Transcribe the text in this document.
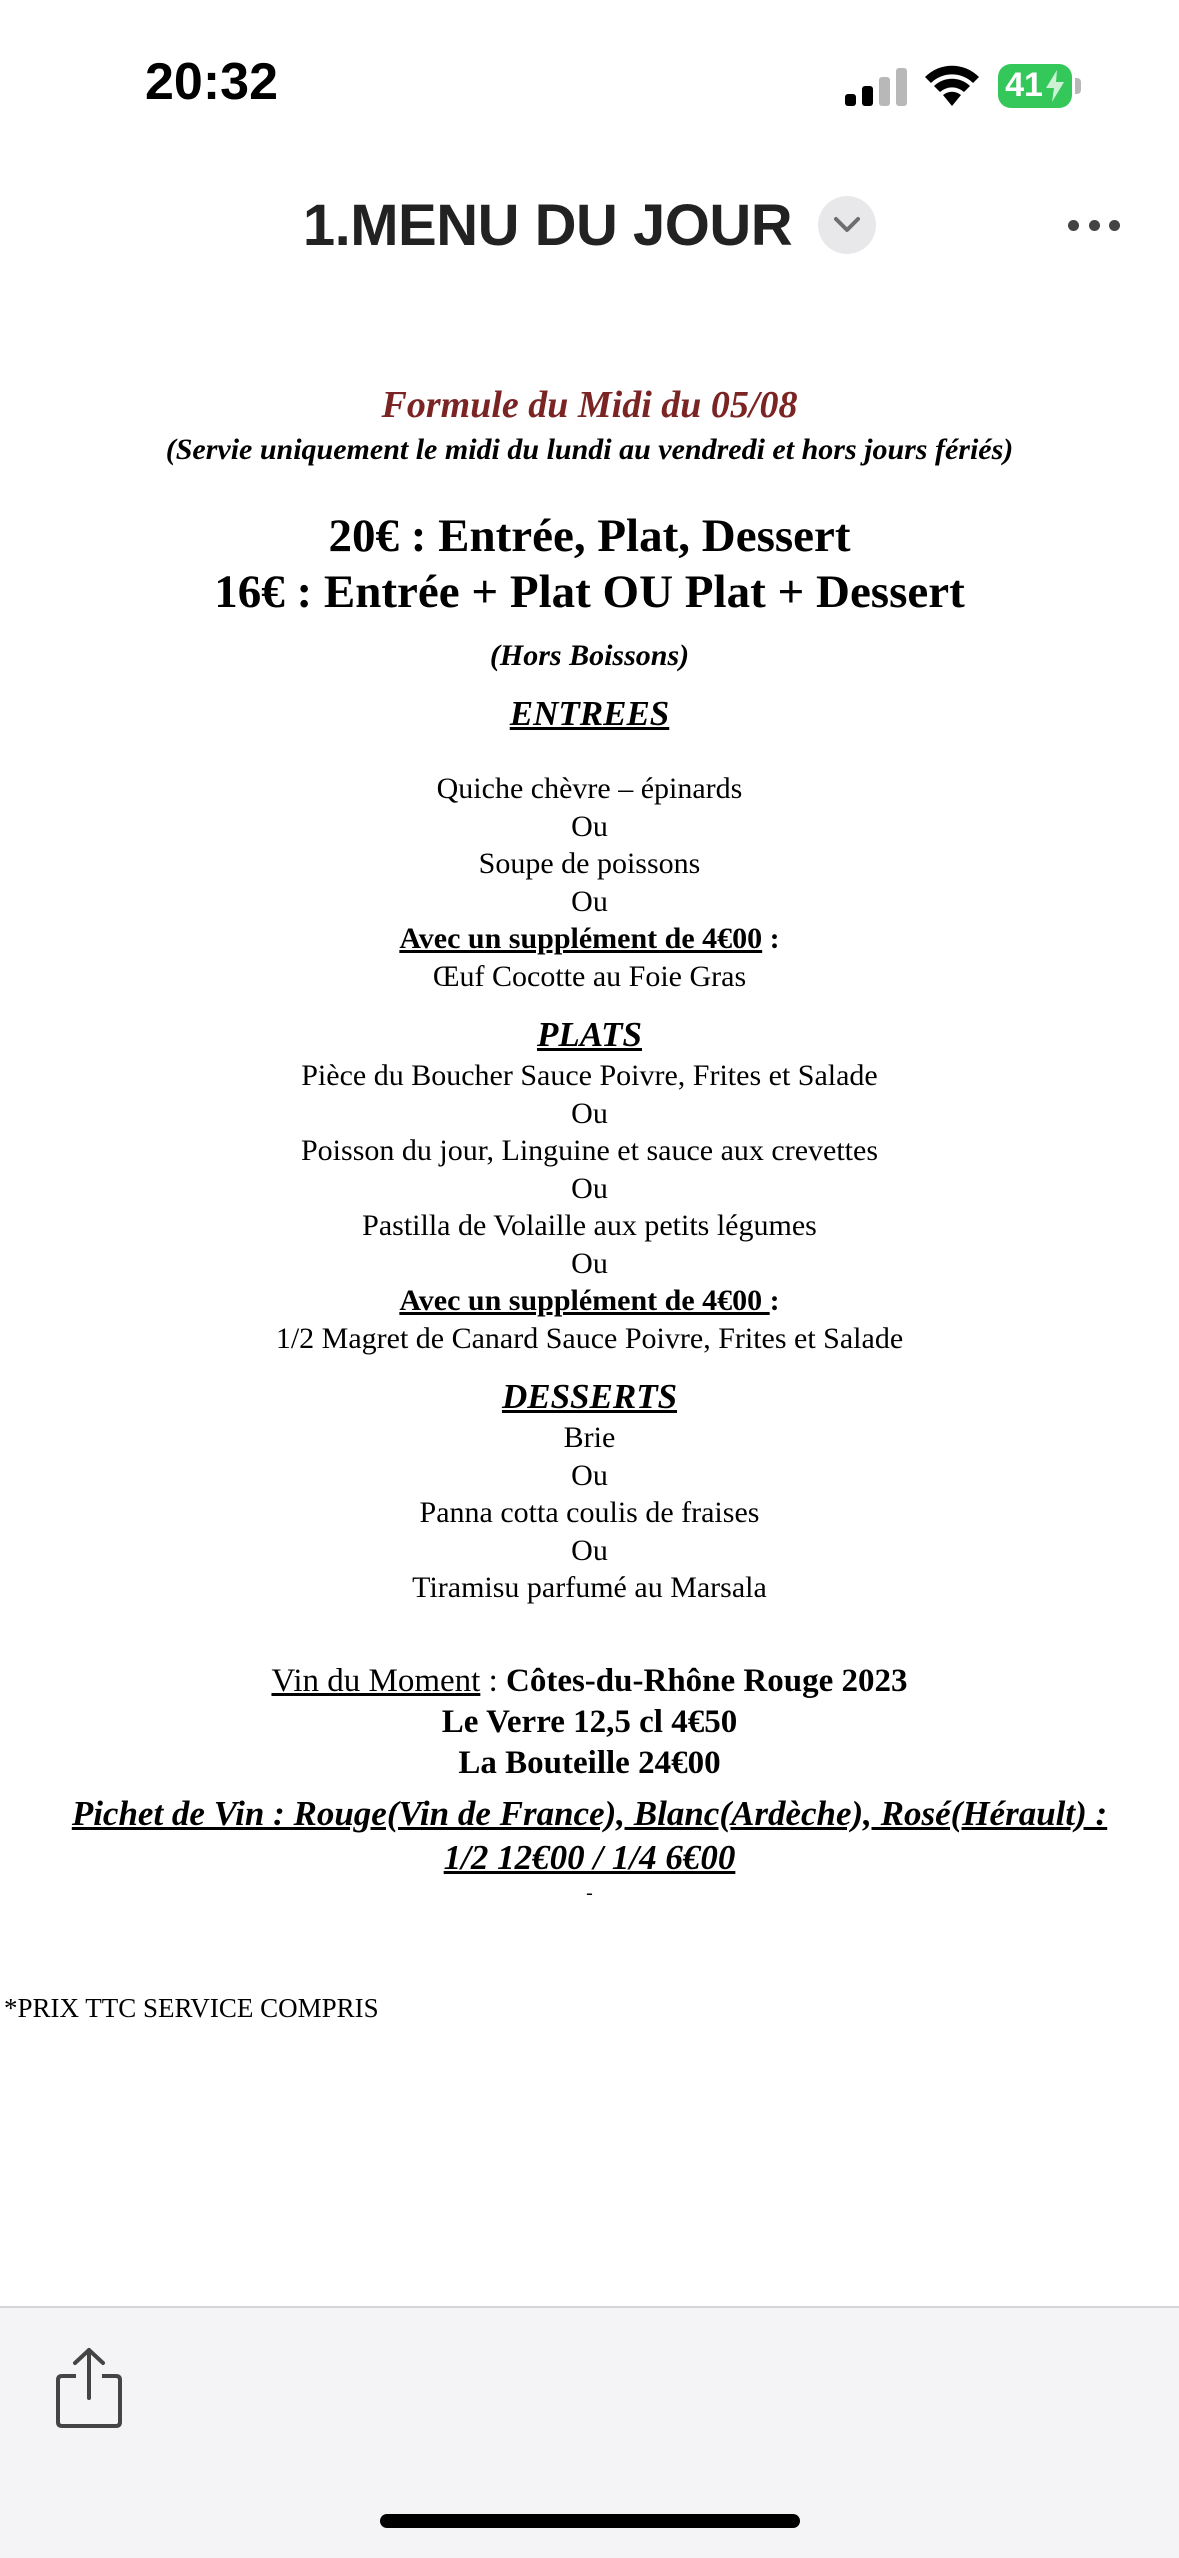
20:32	41
1.MENU DU JOUR

Formule du Midi du 05/08

(Servie uniquement le midi du lundi au vendredi et hors jours fériés)

20€ : Entrée, Plat, Dessert

16€ : Entrée + Plat OU Plat + Dessert

(Hors Boissons)

ENTREES

Quiche chèvre – épinards

Ou

Soupe de poissons

Ou

Avec un supplément de 4€00 :

Œuf Cocotte au Foie Gras

PLATS

Pièce du Boucher Sauce Poivre, Frites et Salade

Ou

Poisson du jour, Linguine et sauce aux crevettes

Ou

Pastilla de Volaille aux petits légumes

Ou

Avec un supplément de 4€00 :

1/2 Magret de Canard Sauce Poivre, Frites et Salade

DESSERTS

Brie

Ou

Panna cotta coulis de fraises

Ou

Tiramisu parfumé au Marsala

Vin du Moment : Côtes-du-Rhône Rouge 2023

Le Verre 12,5 cl 4€50

La Bouteille 24€00

Pichet de Vin : Rouge(Vin de France), Blanc(Ardèche), Rosé(Hérault) :

1/2 12€00 / 1/4 6€00

-

*PRIX TTC SERVICE COMPRIS
